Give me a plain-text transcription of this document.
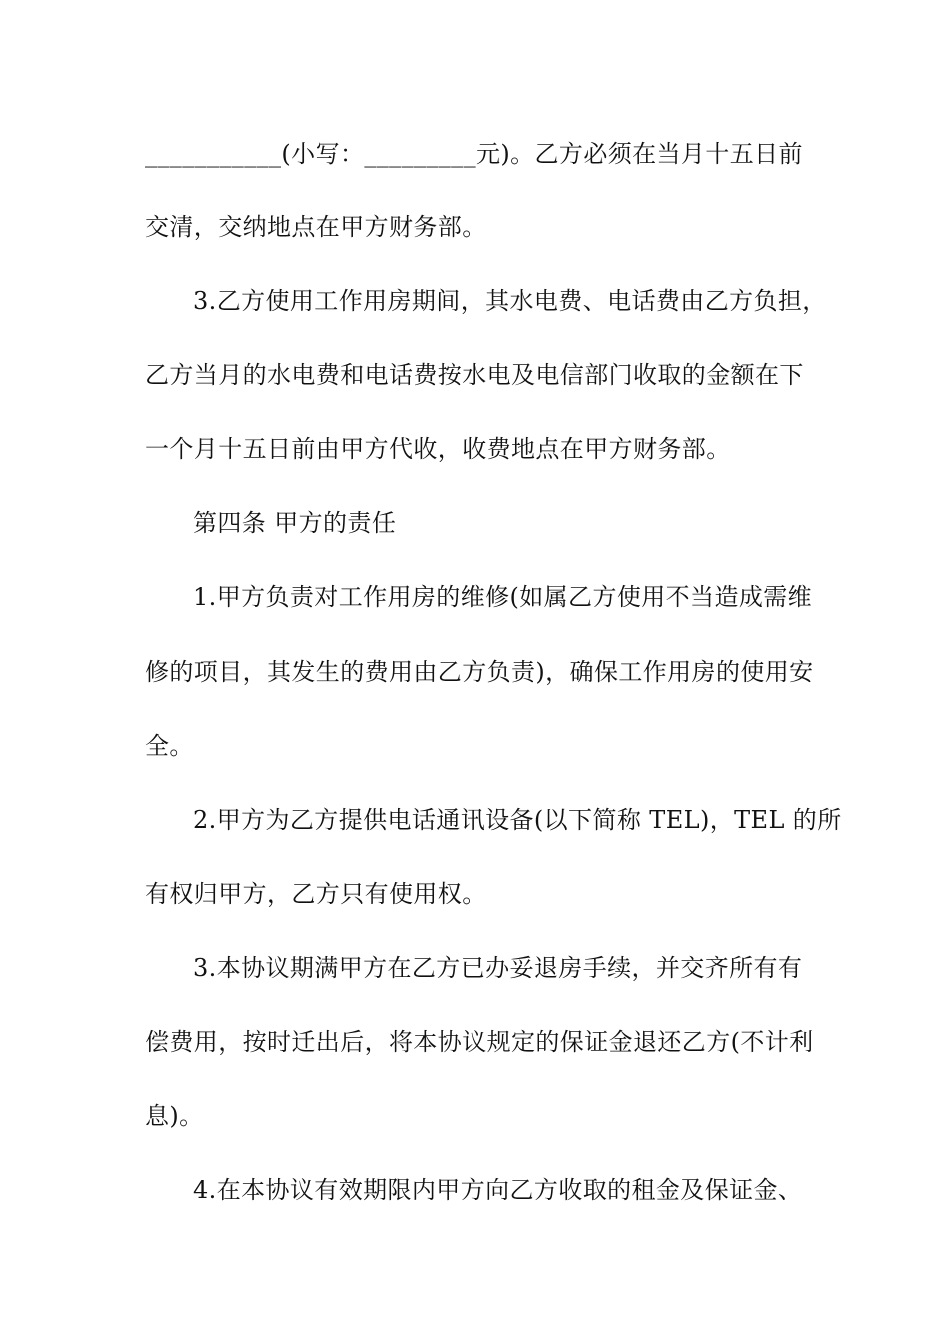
___________(小写：_________元)。乙方必须在当月十五日前
交清，交纳地点在甲方财务部。
3.乙方使用工作用房期间，其水电费、电话费由乙方负担，
乙方当月的水电费和电话费按水电及电信部门收取的金额在下
一个月十五日前由甲方代收，收费地点在甲方财务部。
第四条 甲方的责任
1.甲方负责对工作用房的维修(如属乙方使用不当造成需维
修的项目，其发生的费用由乙方负责)，确保工作用房的使用安
全。
2.甲方为乙方提供电话通讯设备(以下简称 TEL)，TEL 的所
有权归甲方，乙方只有使用权。
3.本协议期满甲方在乙方已办妥退房手续，并交齐所有有
偿费用，按时迁出后，将本协议规定的保证金退还乙方(不计利
息)。
4.在本协议有效期限内甲方向乙方收取的租金及保证金、
